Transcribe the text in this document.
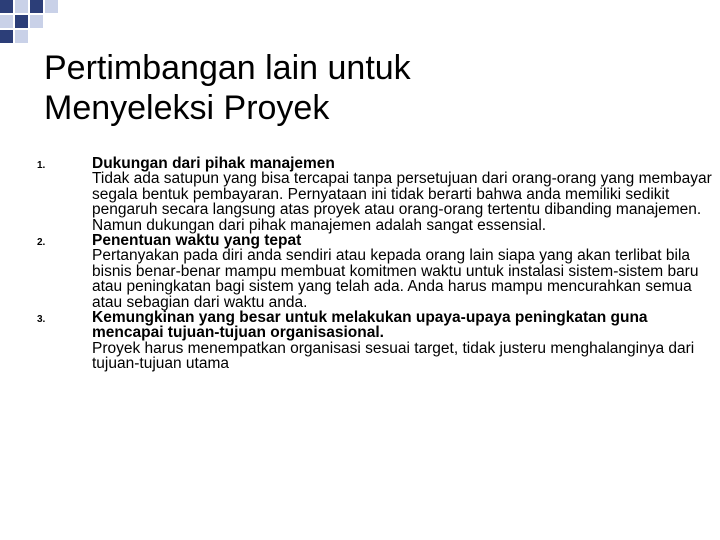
Pertimbangan lain untuk
Menyeleksi Proyek
1.	Dukungan dari pihak manajemen
Tidak ada satupun yang bisa tercapai tanpa persetujuan dari orang-orang yang membayar segala bentuk pembayaran. Pernyataan ini tidak berarti bahwa anda memiliki sedikit pengaruh secara langsung atas proyek atau orang-orang tertentu dibanding manajemen. Namun dukungan dari pihak manajemen adalah sangat essensial.
2.	Penentuan waktu yang tepat
Pertanyakan pada diri anda sendiri atau kepada orang lain siapa yang akan terlibat bila bisnis benar-benar mampu membuat komitmen waktu untuk instalasi sistem-sistem baru atau peningkatan bagi sistem yang telah ada. Anda harus mampu mencurahkan semua atau sebagian dari waktu anda.
3.	Kemungkinan yang besar untuk melakukan upaya-upaya peningkatan guna mencapai tujuan-tujuan organisasional.
Proyek harus menempatkan organisasi sesuai target, tidak justeru menghalanginya dari tujuan-tujuan utama
